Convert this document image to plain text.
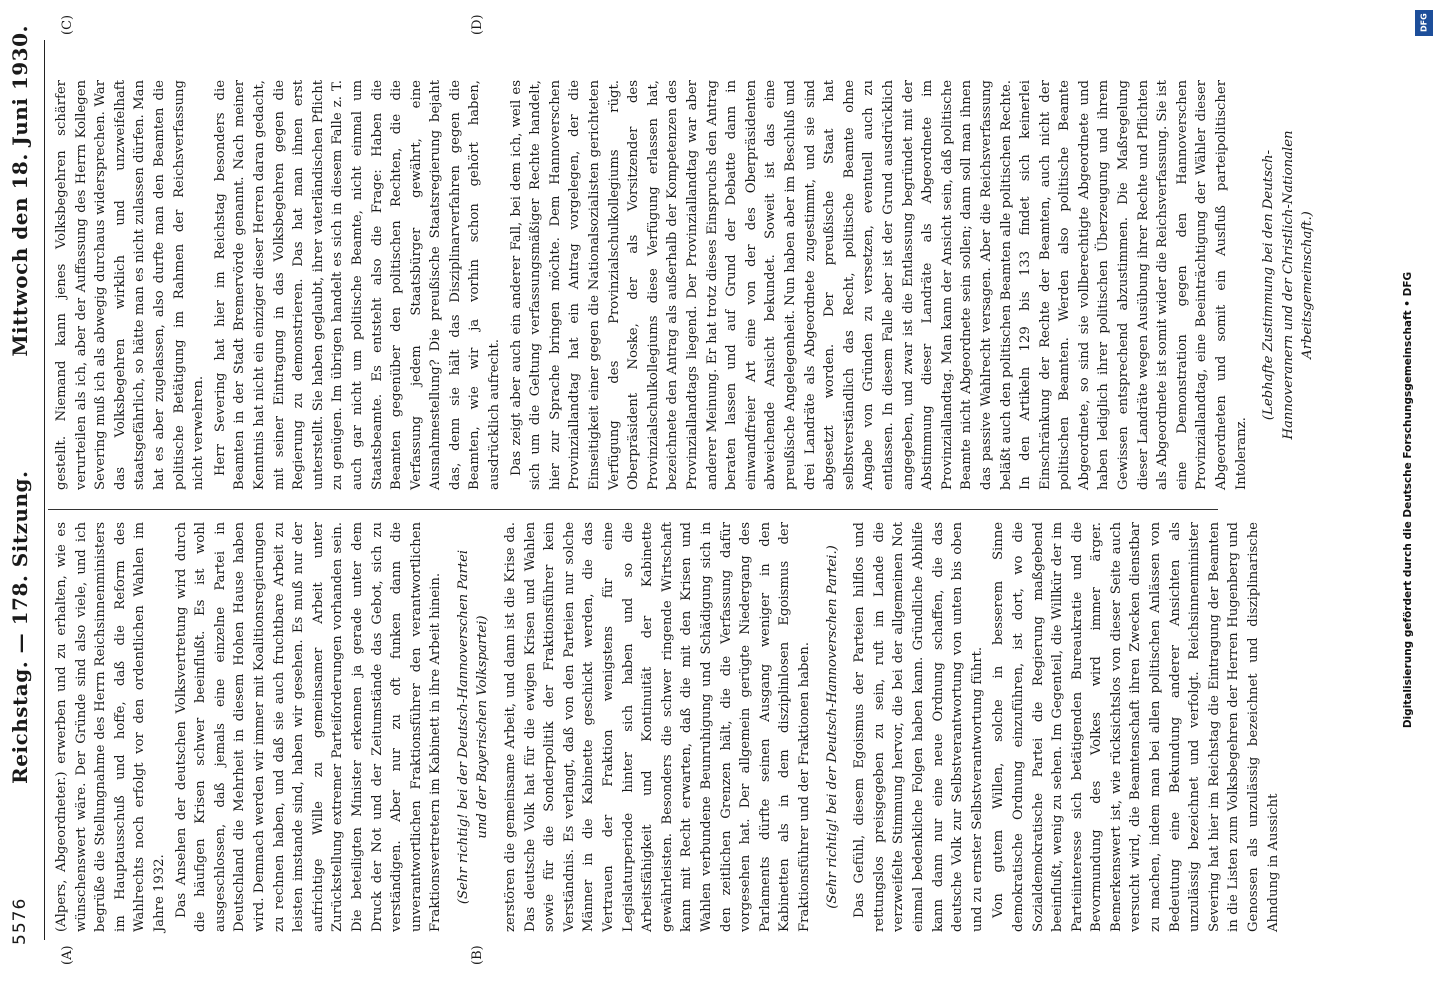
5576
Reichstag. — 178. Sitzung.
Mittwoch den 18. Juni 1930.
(A)	(B)
(C)	(D)

(Alpers, Abgeordneter.) erwerben und zu erhalten, wie es wünschenswert wäre. Der Gründe sind also viele, und ich begrüße die Stellungnahme des Herrn Reichsinnenministers im Hauptausschuß und hoffe, daß die Reform des Wahlrechts noch erfolgt vor den ordentlichen Wahlen im Jahre 1932. Das Ansehen der deutschen Volksvertretung wird durch die häufigen Krisen schwer beeinflußt. Es ist wohl ausgeschlossen, daß jemals eine einzelne Partei in Deutschland die Mehrheit in diesem Hohen Hause haben wird. Demnach werden wir immer mit Koalitionsregierungen zu rechnen haben, und daß sie auch fruchtbare Arbeit zu leisten imstande sind, haben wir gesehen. Es muß nur der aufrichtige Wille zu gemeinsamer Arbeit unter Zurückstellung extremer Parteiforderungen vorhanden sein. Die beteiligten Minister erkennen ja gerade unter dem Druck der Not und der Zeitumstände das Gebot, sich zu verständigen. Aber nur zu oft funken dann die unverantwortlichen Fraktionsführer den verantwortlichen Fraktionsvertretern im Kabinett in ihre Arbeit hinein. (Sehr richtig! bei der Deutsch-Hannoverschen Partei und der Bayerischen Volkspartei) zerstören die gemeinsame Arbeit, und dann ist die Krise da. Das deutsche Volk hat für die ewigen Krisen und Wahlen sowie für die Sonderpolitik der Fraktionsführer kein Verständnis. Es verlangt, daß von den Parteien nur solche Männer in die Kabinette geschickt werden, die das Vertrauen der Fraktion wenigstens für eine Legislaturperiode hinter sich haben und so die Arbeitsfähigkeit und Kontinuität der Kabinette gewährleisten. Besonders die schwer ringende Wirtschaft kann mit Recht erwarten, daß die mit den Krisen und Wahlen verbundene Beunruhigung und Schädigung sich in den zeitlichen Grenzen hält, die die Verfassung dafür vorgesehen hat. Der allgemein gerügte Niedergang des Parlaments dürfte seinen Ausgang weniger in den Kabinetten als in dem disziplinlosen Egoismus der Fraktionsführer und der Fraktionen haben. (Sehr richtig! bei der Deutsch-Hannoverschen Partei.) Das Gefühl, diesem Egoismus der Parteien hilflos und rettungslos preisgegeben zu sein, ruft im Lande die verzweifelte Stimmung hervor, die bei der allgemeinen Not einmal bedenkliche Folgen haben kann. Gründliche Abhilfe kann dann nur eine neue Ordnung schaffen, die das deutsche Volk zur Selbstverantwortung von unten bis oben und zu ernster Selbstverantwortung führt. Von gutem Willen, solche in besserem Sinne demokratische Ordnung einzuführen, ist dort, wo die Sozialdemokratische Partei die Regierung maßgebend beeinflußt, wenig zu sehen. Im Gegenteil, die Willkür der im Parteiinteresse sich betätigenden Bureaukratie und die Bevormundung des Volkes wird immer ärger. Bemerkenswert ist, wie rücksichtslos von dieser Seite auch versucht wird, die Beamtenschaft ihren Zwecken dienstbar zu machen, indem man bei allen politischen Anlässen von Bedeutung eine Bekundung anderer Ansichten als unzulässig bezeichnet und verfolgt. Reichsinnenminister Severing hat hier im Reichstag die Eintragung der Beamten in die Listen zum Volksbegehren der Herren Hugenberg und Genossen als unzulässig bezeichnet und disziplinarische Ahndung in Aussicht

gestellt. Niemand kann jenes Volksbegehren schärfer verurteilen als ich, aber der Auffassung des Herrn Kollegen Severing muß ich als abwegig durchaus widersprechen. War das Volksbegehren wirklich und unzweifelhaft staatsgefährlich, so hätte man es nicht zulassen dürfen. Man hat es aber zugelassen, also durfte man den Beamten die politische Betätigung im Rahmen der Reichsverfassung nicht verwehren. Herr Severing hat hier im Reichstag besonders die Beamten in der Stadt Bremervörde genannt. Nach meiner Kenntnis hat nicht ein einziger dieser Herren daran gedacht, mit seiner Eintragung in das Volksbegehren gegen die Regierung zu demonstrieren. Das hat man ihnen erst unterstellt. Sie haben geglaubt, ihrer vaterländischen Pflicht zu genügen. Im übrigen handelt es sich in diesem Falle z. T. auch gar nicht um politische Beamte, nicht einmal um Staatsbeamte. Es entsteht also die Frage: Haben die Beamten gegenüber den politischen Rechten, die die Verfassung jedem Staatsbürger gewährt, eine Ausnahmestellung? Die preußische Staatsregierung bejaht das, denn sie hält das Disziplinarverfahren gegen die Beamten, wie wir ja vorhin schon gehört haben, ausdrücklich aufrecht. Das zeigt aber auch ein anderer Fall, bei dem ich, weil es sich um die Geltung verfassungsmäßiger Rechte handelt, hier zur Sprache bringen möchte. Dem Hannoverschen Provinziallandtag hat ein Antrag vorgelegen, der die Einseitigkeit einer gegen die Nationalsozialisten gerichteten Verfügung des Provinzialschulkollegiums rügt. Oberpräsident Noske, der als Vorsitzender des Provinzialschulkollegiums diese Verfügung erlassen hat, bezeichnete den Antrag als außerhalb der Kompetenzen des Provinziallandtags liegend. Der Provinziallandtag war aber anderer Meinung. Er hat trotz dieses Einspruchs den Antrag beraten lassen und auf Grund der Debatte dann in einwandfreier Art eine von der des Oberpräsidenten abweichende Ansicht bekundet. Soweit ist das eine preußische Angelegenheit. Nun haben aber im Beschluß und drei Landräte als Abgeordnete zugestimmt, und sie sind abgesetzt worden. Der preußische Staat hat selbstverständlich das Recht, politische Beamte ohne Angabe von Gründen zu versetzen, eventuell auch zu entlassen. In diesem Falle aber ist der Grund ausdrücklich angegeben, und zwar ist die Entlassung begründet mit der Abstimmung dieser Landräte als Abgeordnete im Provinziallandtag. Man kann der Ansicht sein, daß politische Beamte nicht Abgeordnete sein sollen; dann soll man ihnen das passive Wahlrecht versagen. Aber die Reichsverfassung beläßt auch den politischen Beamten alle politischen Rechte. In den Artikeln 129 bis 133 findet sich keinerlei Einschränkung der Rechte der Beamten, auch nicht der politischen Beamten. Werden also politische Beamte Abgeordnete, so sind sie vollberechtigte Abgeordnete und haben lediglich ihrer politischen Überzeugung und ihrem Gewissen entsprechend abzustimmen. Die Maßregelung dieser Landräte wegen Ausübung ihrer Rechte und Pflichten als Abgeordnete ist somit wider die Reichsverfassung. Sie ist eine Demonstration gegen den Hannoverschen Provinziallandtag, eine Beeinträchtigung der Wähler dieser Abgeordneten und somit ein Ausfluß parteipolitischer Intoleranz.

(Lebhafte Zustimmung bei den Deutsch-Hannoveranern und der Christlich-Nationalen Arbeitsgemeinschaft.)	Digitalisierung gefördert durch die Deutsche Forschungsgemeinschaft • DFG
DFG
